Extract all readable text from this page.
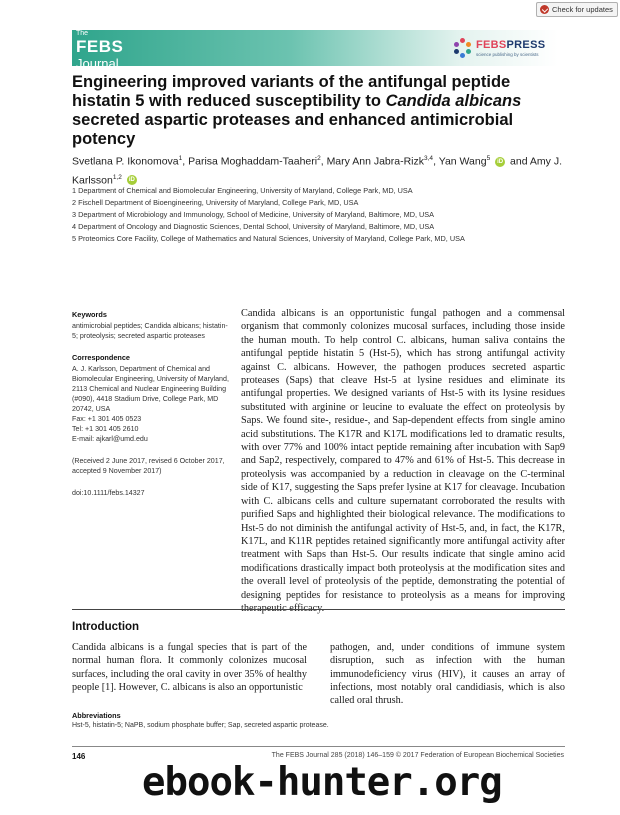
Check for updates
The
FEBS
Journal
FEBSPRESS
science publishing by scientists
Engineering improved variants of the antifungal peptide histatin 5 with reduced susceptibility to Candida albicans secreted aspartic proteases and enhanced antimicrobial potency
Svetlana P. Ikonomova$^1$, Parisa Moghaddam-Taaheri$^2$, Mary Ann Jabra-Rizk$^{3,4}$, Yan Wang$^5$ iD and Amy J. Karlsson$^{1,2}$ iD
1 Department of Chemical and Biomolecular Engineering, University of Maryland, College Park, MD, USA
2 Fischell Department of Bioengineering, University of Maryland, College Park, MD, USA
3 Department of Microbiology and Immunology, School of Medicine, University of Maryland, Baltimore, MD, USA
4 Department of Oncology and Diagnostic Sciences, Dental School, University of Maryland, Baltimore, MD, USA
5 Proteomics Core Facility, College of Mathematics and Natural Sciences, University of Maryland, College Park, MD, USA
Keywords

antimicrobial peptides; Candida albicans; histatin-5; proteolysis; secreted aspartic proteases

Correspondence

A. J. Karlsson, Department of Chemical and Biomolecular Engineering, University of Maryland, 2113 Chemical and Nuclear Engineering Building (#090), 4418 Stadium Drive, College Park, MD 20742, USA

Fax: +1 301 405 0523

Tel: +1 301 405 2610

E-mail: ajkarl@umd.edu

(Received 2 June 2017, revised 6 October 2017, accepted 9 November 2017)

doi:10.1111/febs.14327

Candida albicans is an opportunistic fungal pathogen and a commensal organism that commonly colonizes mucosal surfaces, including those inside the human mouth. To help control C. albicans, human saliva contains the antifungal peptide histatin 5 (Hst-5), which has strong antifungal activity against C. albicans. However, the pathogen produces secreted aspartic proteases (Saps) that cleave Hst-5 at lysine residues and eliminate its antifungal properties. We designed variants of Hst-5 with its lysine residues substituted with arginine or leucine to evaluate the effect on proteolysis by Saps. We found site-, residue-, and Sap-dependent effects from single amino acid substitutions. The K17R and K17L modifications led to dramatic results, with over 77% and 100% intact peptide remaining after incubation with Sap9 and Sap2, respectively, compared to 47% and 61% of Hst-5. This decrease in proteolysis was accompanied by a reduction in cleavage on the C-terminal side of K17, suggesting the Saps prefer lysine at K17 for cleavage. Incubation with C. albicans cells and culture supernatant corroborated the results with purified Saps and highlighted their biological relevance. The modifications to Hst-5 do not diminish the antifungal activity of Hst-5, and, in fact, the K17R, K17L, and K11R peptides retained significantly more antifungal activity after treatment with Saps than Hst-5. Our results indicate that single amino acid modifications drastically impact both proteolysis at the modification sites and the overall level of proteolysis of the peptide, demonstrating the potential of designing peptides for resistance to proteolysis as a means for improving

Introduction

Candida albicans is a fungal species that is part of the normal human flora. It commonly colonizes mucosal surfaces, including the oral cavity in over 35% of healthy people [1]. However, C. albicans is also an opportunistic

pathogen, and, under conditions of immune system disruption, such as infection with the human immunodeficiency virus (HIV), it causes an array of infections, most notably oral candidiasis, which is also called oral thrush.

Abbreviations

Hst-5, histatin-5; NaPB, sodium phosphate buffer; Sap, secreted aspartic protease.

146	The FEBS Journal 285 (2018) 146–159 © 2017 Federation of European Biochemical Societies
ebook-hunter.org
